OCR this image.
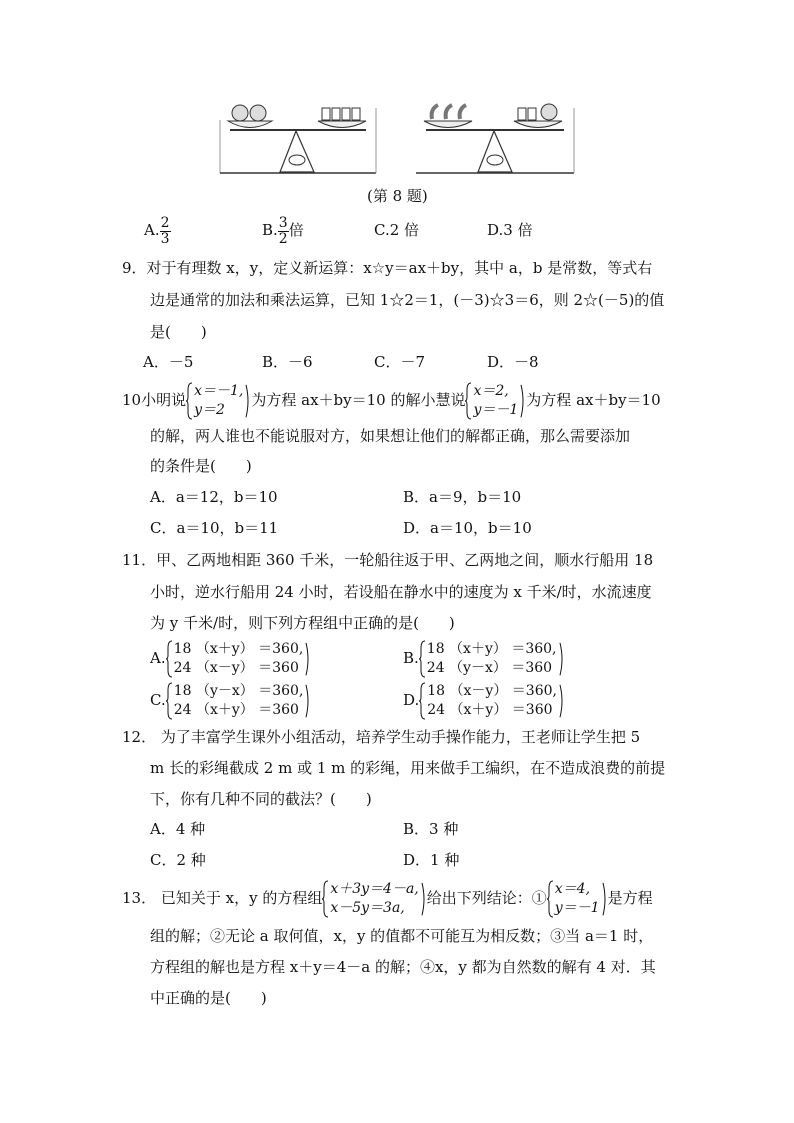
(第 8 题)
A. $\frac{2}{3}$	B. $\frac{3}{2}$ 倍	C.2 倍	D.3 倍
9．对于有理数 x，y，定义新运算：x☆y＝ax＋by，其中 a，b 是常数，等式右
边是通常的加法和乘法运算，已知 1☆2＝1，(－3)☆3＝6，则 2☆(－5)的值
是(　　)
A．－5	B．－6	C．－7	D．－8
10小明说 x＝－1,
y＝2
为方程 ax＋by＝10 的解小慧说 x＝2,
y＝－1
为方程 ax＋by＝10
的解，两人谁也不能说服对方，如果想让他们的解都正确，那么需要添加
的条件是(　　)
A．a＝12，b＝10	B．a＝9，b＝10
C．a＝10，b＝11	D．a＝10，b＝10
11．甲、乙两地相距 360 千米，一轮船往返于甲、乙两地之间，顺水行船用 18
小时，逆水行船用 24 小时，若设船在静水中的速度为 x 千米/时，水流速度
为 y 千米/时，则下列方程组中正确的是(　　)
A. 18 （x＋y） ＝360,
24 （x－y） ＝360
B. 18 （x＋y） ＝360,
24 （y－x） ＝360
C. 18 （y－x） ＝360,
24 （x＋y） ＝360
D. 18 （x－y） ＝360,
24 （x＋y） ＝360
12． 为了丰富学生课外小组活动，培养学生动手操作能力，王老师让学生把 5
m 长的彩绳截成 2 m 或 1 m 的彩绳，用来做手工编织，在不造成浪费的前提
下，你有几种不同的截法？(　　)
A．4 种	B．3 种
C．2 种	D．1 种
13． 已知关于 x，y 的方程组 x＋3y＝4－a,
x－5y＝3a,
给出下列结论：① x＝4,
y＝－1
是方程
组的解；②无论 a 取何值，x，y 的值都不可能互为相反数；③当 a＝1 时，
方程组的解也是方程 x＋y＝4－a 的解；④x，y 都为自然数的解有 4 对．其
中正确的是(　　)
